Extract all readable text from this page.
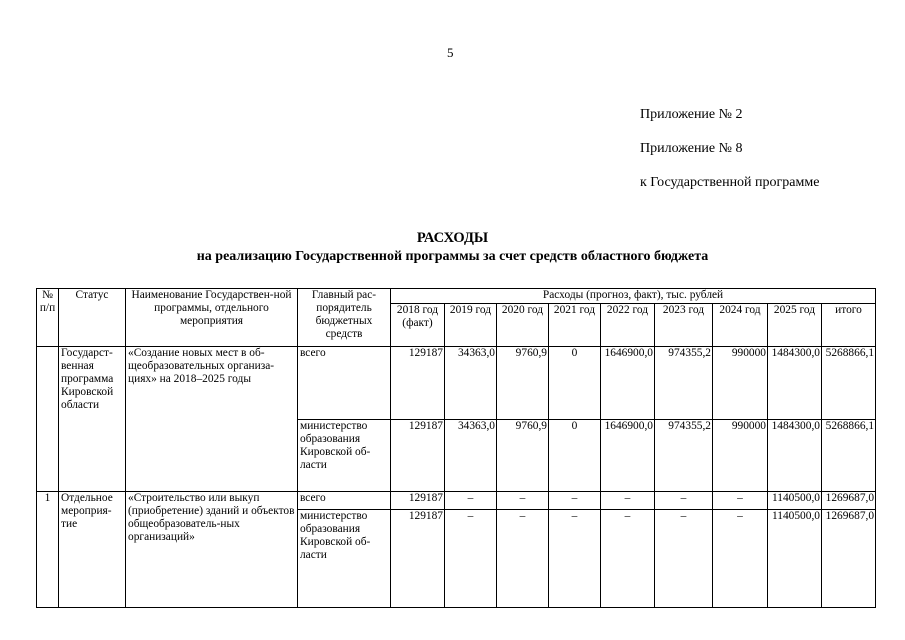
5
Приложение № 2
Приложение № 8
к Государственной программе
РАСХОДЫ
на реализацию Государственной программы за счет средств областного бюджета
№ п/п	Статус	Наименование Государствен-ной программы, отдельного мероприятия	Главный рас-порядитель бюджетных средств	Расходы (прогноз, факт), тыс. рублей								
				2018 год (факт)	2019 год	2020 год	2021 год	2022 год	2023 год	2024 год	2025 год	итого
	Государст-венная программа Кировской области	«Создание новых мест в об-щеобразовательных организа-циях» на 2018–2025 годы	всего	129187	34363,0	9760,9	0	1646900,0	974355,2	990000	1484300,0	5268866,1
			министерство образования Кировской об-ласти	129187	34363,0	9760,9	0	1646900,0	974355,2	990000	1484300,0	5268866,1
1	Отдельное мероприя-тие	«Строительство или выкуп (приобретение) зданий и объектов общеобразователь-ных организаций»	всего	129187	–	–	–	–	–	–	1140500,0	1269687,0
			министерство образования Кировской об-ласти	129187	–	–	–	–	–	–	1140500,0	1269687,0
